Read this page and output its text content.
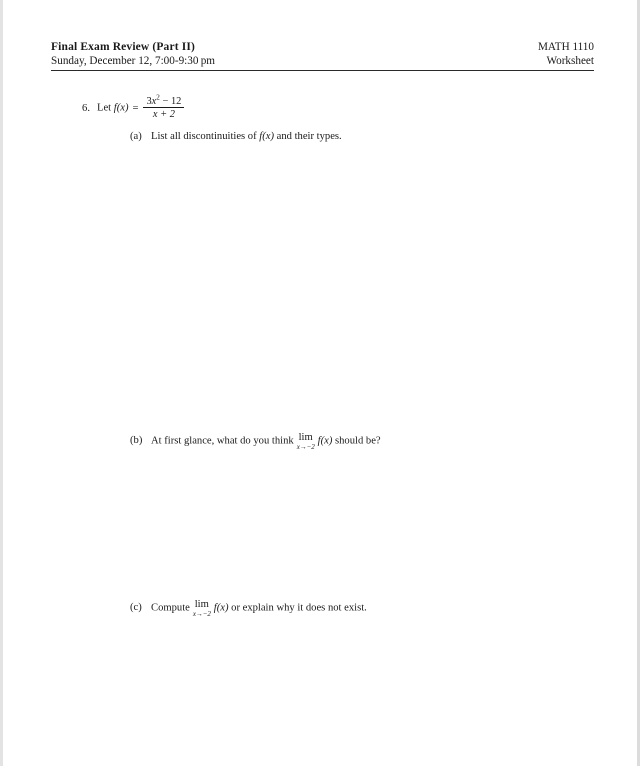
Final Exam Review (Part II)	MATH 1110
Sunday, December 12, 7:00-9:30 pm	Worksheet
6. Let $f(x) = \frac{3x^2 - 12}{x + 2}$
(a) List all discontinuities of f(x) and their types.
(b) At first glance, what do you think lim
x→−2
f(x) should be?
(c) Compute lim
x→−2
f(x) or explain why it does not exist.
